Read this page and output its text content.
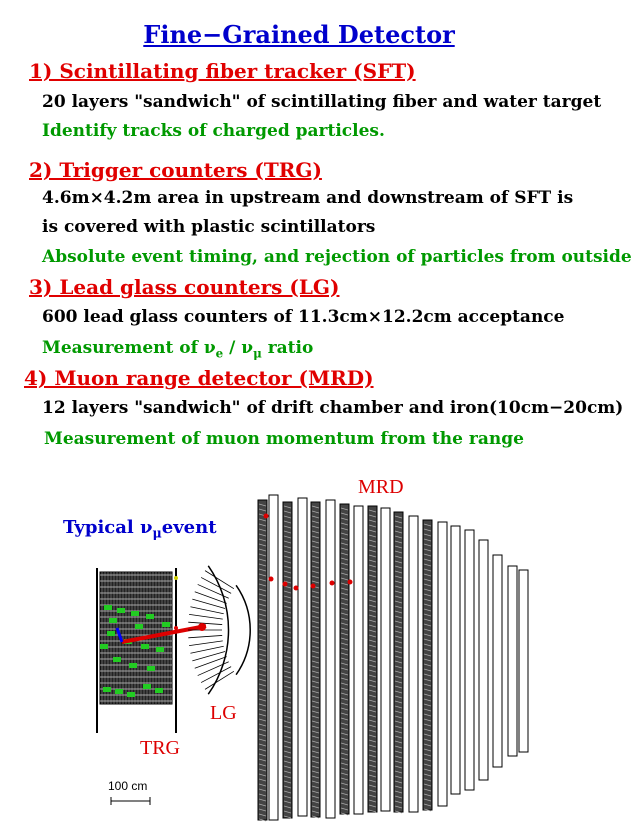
Fine−Grained Detector
1) Scintillating fiber tracker (SFT)
20 layers "sandwich" of scintillating fiber and water target
Identify tracks of charged particles.
2) Trigger counters (TRG)
4.6m×4.2m area in upstream and downstream of SFT is
is covered with plastic scintillators
Absolute event timing, and rejection of particles from outside
3) Lead glass counters (LG)
600 lead glass counters of 11.3cm×12.2cm acceptance
Measurement of $\nu_e / \nu_\mu$ ratio
4) Muon range detector (MRD)
12 layers "sandwich" of drift chamber and iron(10cm−20cm)
Measurement of muon momentum from the range
Typical $\nu_\mu event$
TRG
LG
MRD
100 cm
